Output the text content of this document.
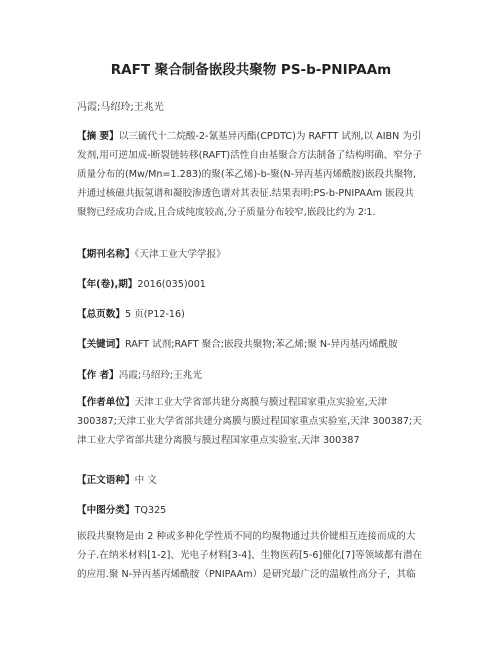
RAFT 聚合制备嵌段共聚物 PS-b-PNIPAAm
冯霞;马绍玲;王兆光
【摘 要】以三硫代十二烷酸-2-氰基异丙酯(CPDTC)为 RAFTT 试剂,以 AIBN 为引
发剂,用可逆加成-断裂链转移(RAFT)活性自由基聚合方法制备了结构明确、窄分子
质量分布的(Mw/Mn=1.283)的聚(苯乙烯)-b-聚(N-异丙基丙烯酰胺)嵌段共聚物,
并通过核磁共振氢谱和凝胶渗透色谱对其表征.结果表明:PS-b-PNIPAAm 嵌段共
聚物已经成功合成,且合成纯度较高,分子质量分布较窄,嵌段比约为 2∶1.
【期刊名称】《天津工业大学学报》
【年(卷),期】2016(035)001
【总页数】5 页(P12-16)
【关键词】RAFT 试剂;RAFT 聚合;嵌段共聚物;苯乙烯;聚 N-异丙基丙烯酰胺
【作 者】冯霞;马绍玲;王兆光
【作者单位】天津工业大学省部共建分离膜与膜过程国家重点实验室,天津
300387;天津工业大学省部共建分离膜与膜过程国家重点实验室,天津 300387;天
津工业大学省部共建分离膜与膜过程国家重点实验室,天津 300387
【正文语种】中 文
【中图分类】TQ325
嵌段共聚物是由 2 种或多种化学性质不同的均聚物通过共价键相互连接而成的大
分子.在纳米材料[1-2]、光电子材料[3-4]、生物医药[5-6]催化[7]等领域都有潜在
的应用.聚 N-异丙基丙烯酰胺（PNIPAAm）是研究最广泛的温敏性高分子，其临
